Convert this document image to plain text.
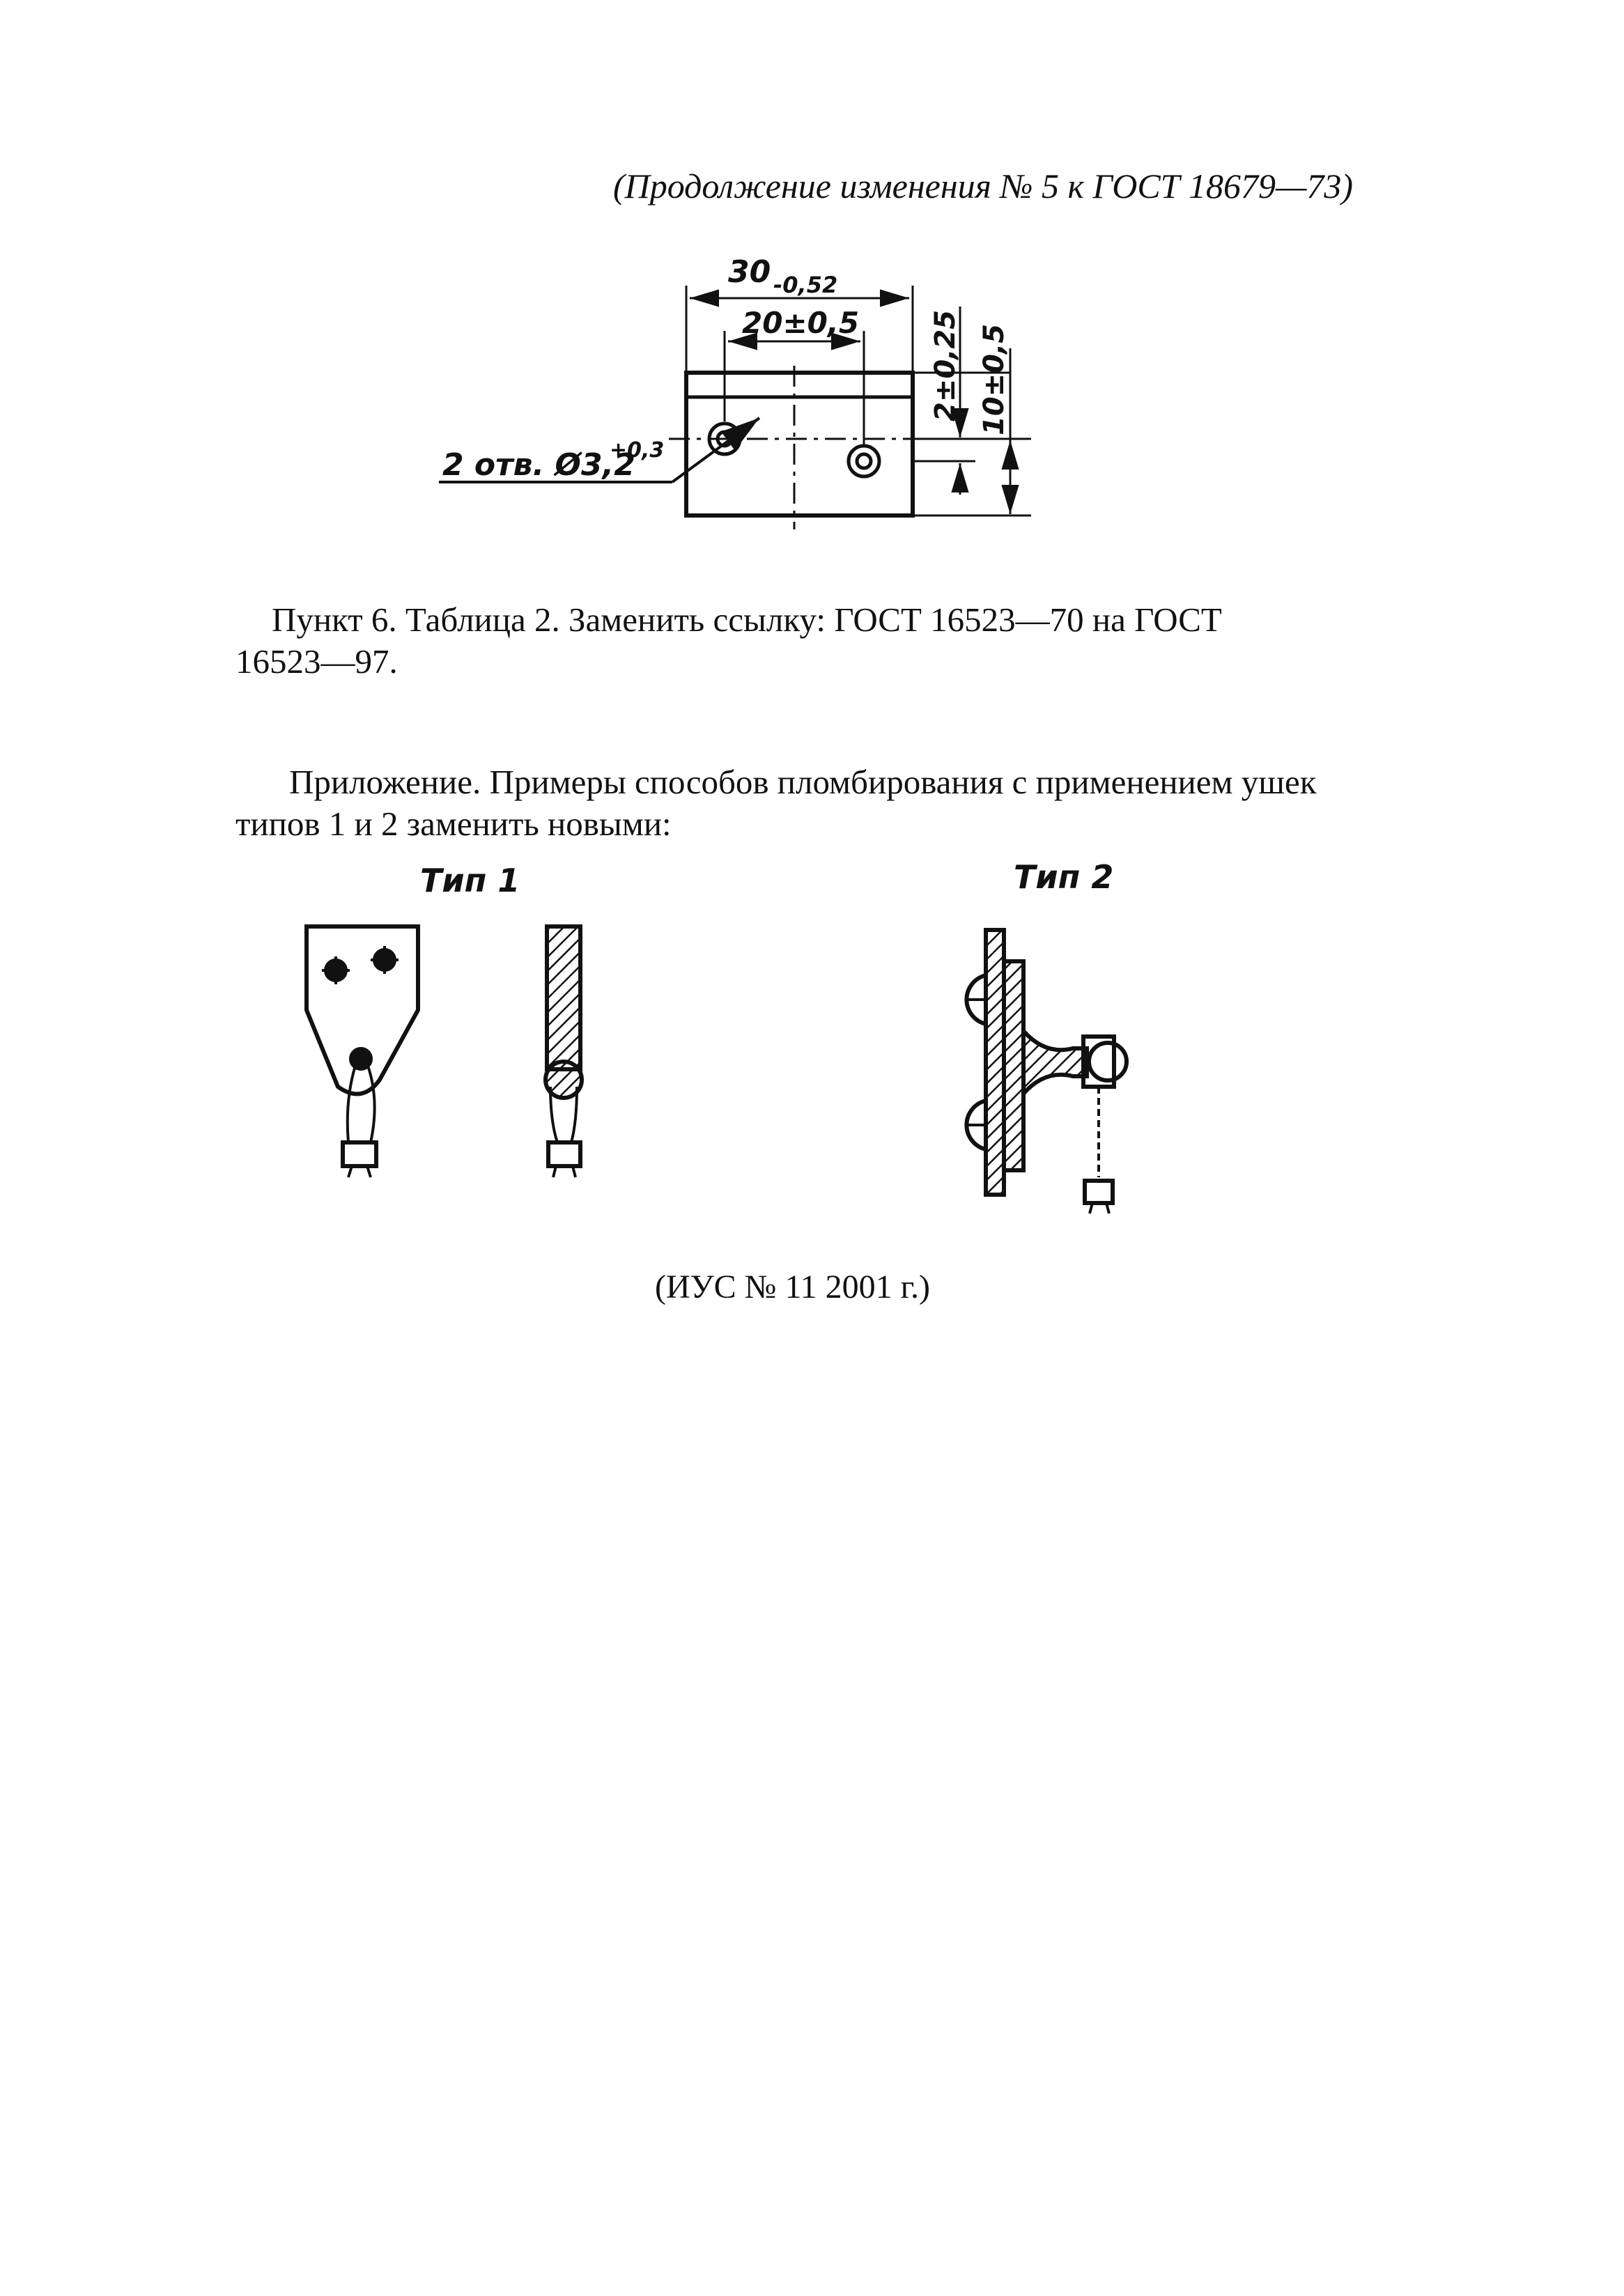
(Продолжение изменения № 5 к ГОСТ 18679—73)
30 -0,52
20±0,5	2±0,25 10±0,5
2 отв. Ø3,2
+0,3
Пункт 6. Таблица 2. Заменить ссылку: ГОСТ 16523—70 на ГОСТ
16523—97.
Приложение. Примеры способов пломбирования с применением ушек
типов 1 и 2 заменить новыми:
Тип 1	Тип 2
(ИУС № 11 2001 г.)
